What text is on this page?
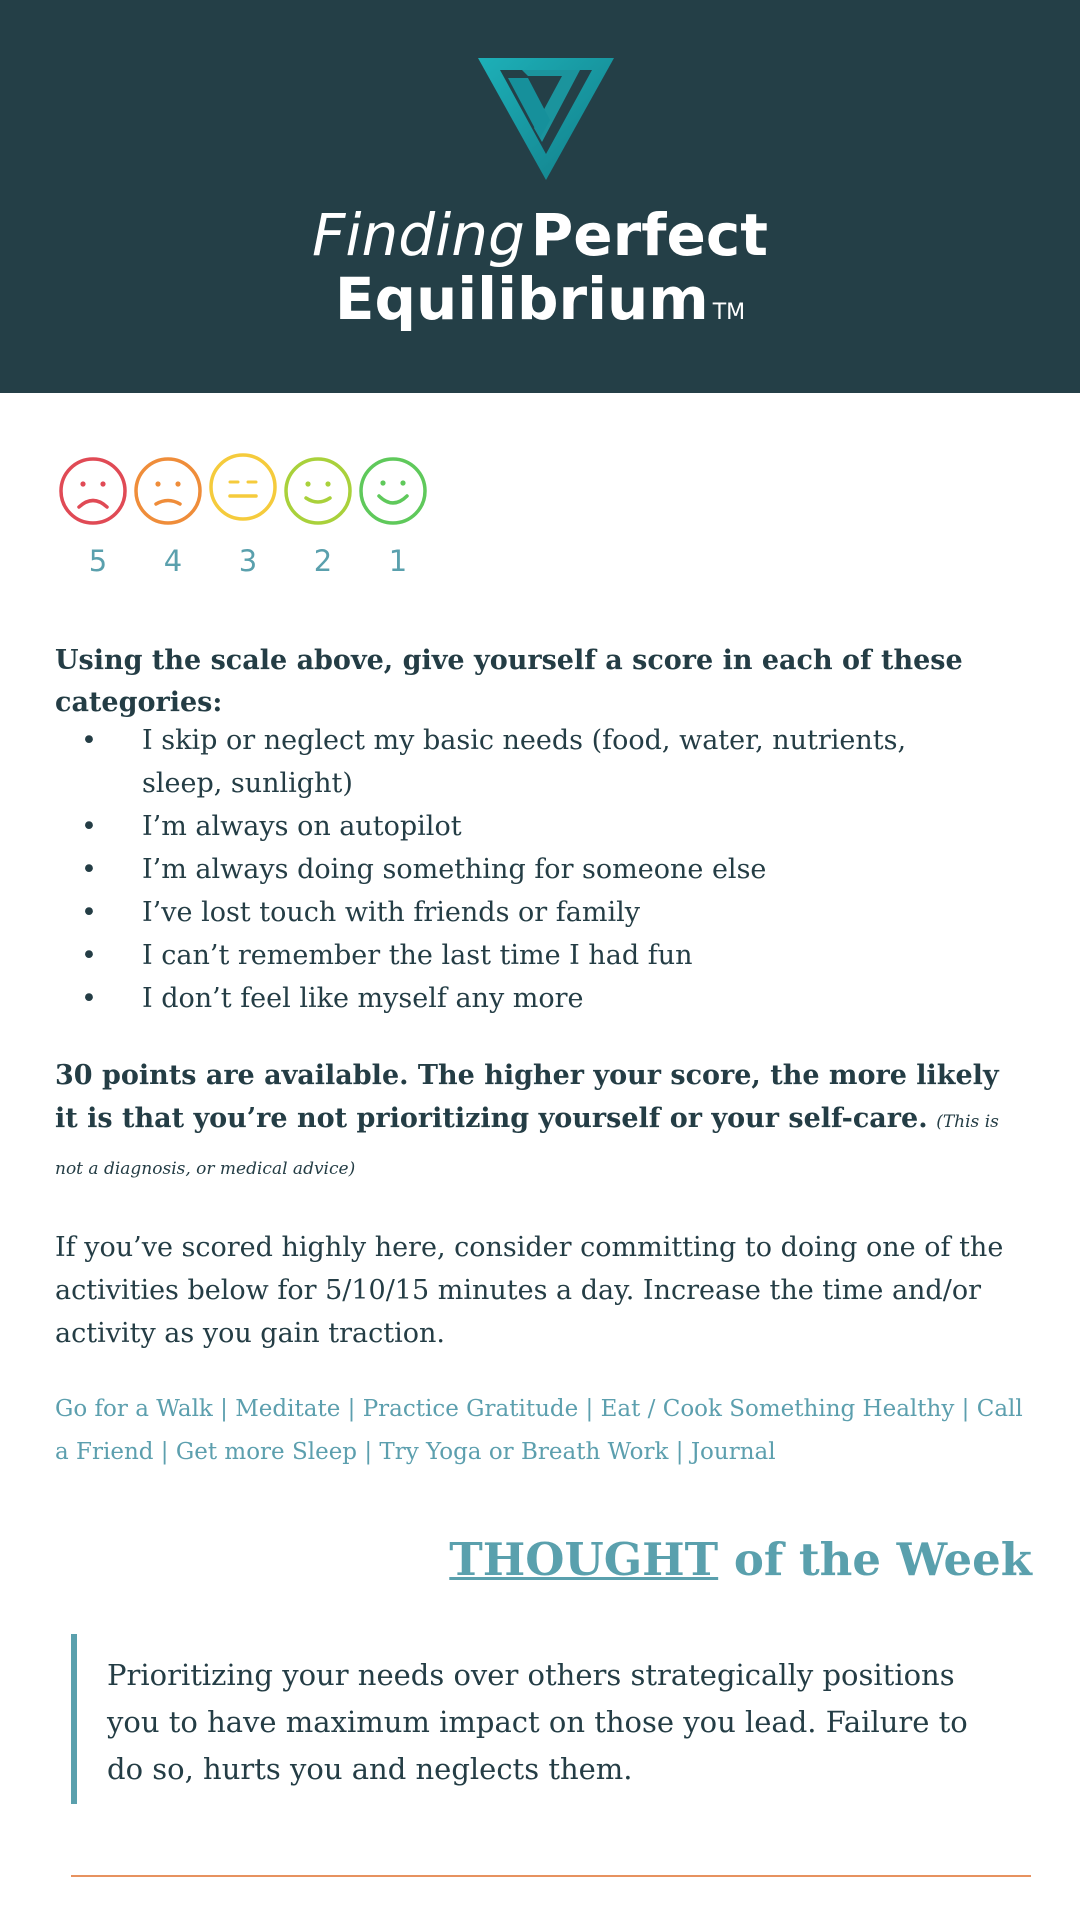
Finding Perfect
Equilibrium ™
5	4	3	2	1
Using the scale above, give yourself a score in each of these categories:
• I skip or neglect my basic needs (food, water, nutrients, sleep, sunlight)
• I’m always on autopilot
• I’m always doing something for someone else
• I’ve lost touch with friends or family
• I can’t remember the last time I had fun
• I don’t feel like myself any more
30 points are available. The higher your score, the more likely it is that you’re not prioritizing yourself or your self-care. (This is not a diagnosis, or medical advice)
If you’ve scored highly here, consider committing to doing one of the activities below for 5/10/15 minutes a day. Increase the time and/or activity as you gain traction.
Go for a Walk | Meditate | Practice Gratitude | Eat / Cook Something Healthy | Call a Friend | Get more Sleep | Try Yoga or Breath Work | Journal
THOUGHT of the Week

Prioritizing your needs over others strategically positions you to have maximum impact on those you lead. Failure to do so, hurts you and neglects them.
